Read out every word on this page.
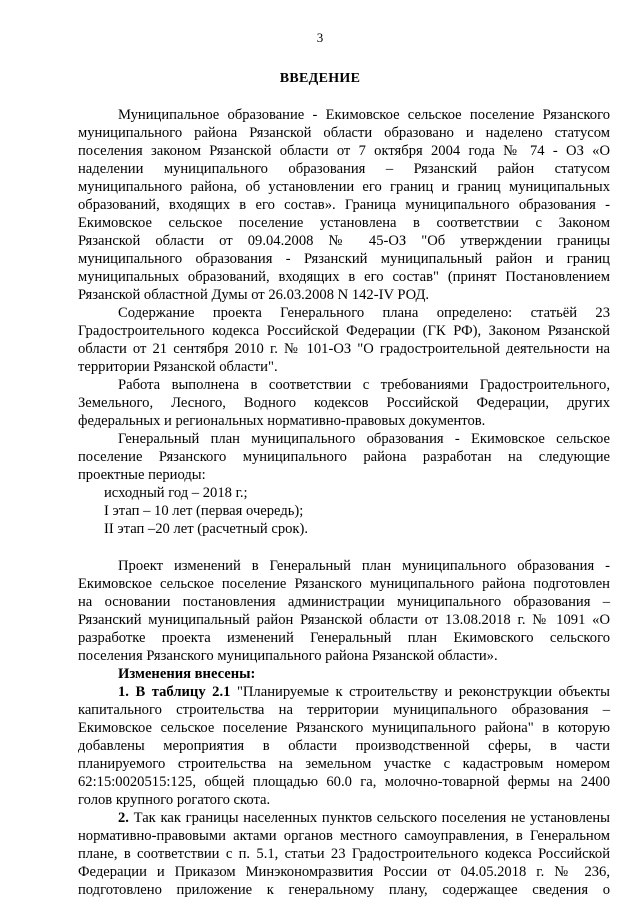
3
ВВЕДЕНИЕ
Муниципальное образование - Екимовское сельское поселение Рязанского
муниципального района Рязанской области образовано и наделено статусом
поселения законом Рязанской области от 7 октября 2004 года № 74 - ОЗ «О
наделении муниципального образования – Рязанский район статусом
муниципального района, об установлении его границ и границ муниципальных
образований, входящих в его состав». Граница муниципального образования -
Екимовское сельское поселение установлена в соответствии с Законом
Рязанской области от 09.04.2008 № 45-ОЗ "Об утверждении границы
муниципального образования - Рязанский муниципальный район и границ
муниципальных образований, входящих в его состав" (принят Постановлением
Рязанской областной Думы от 26.03.2008 N 142-IV РОД.
Содержание проекта Генерального плана определено: статьёй 23
Градостроительного кодекса Российской Федерации (ГК РФ), Законом Рязанской
области от 21 сентября 2010 г. № 101-ОЗ "О градостроительной деятельности на
территории Рязанской области".
Работа выполнена в соответствии с требованиями Градостроительного,
Земельного, Лесного, Водного кодексов Российской Федерации, других
федеральных и региональных нормативно-правовых документов.
Генеральный план муниципального образования - Екимовское сельское
поселение Рязанского муниципального района разработан на следующие
проектные периоды:
исходный год – 2018 г.;
I этап – 10 лет (первая очередь);
II этап –20 лет (расчетный срок).
Проект изменений в Генеральный план муниципального образования -
Екимовское сельское поселение Рязанского муниципального района подготовлен
на основании постановления администрации муниципального образования –
Рязанский муниципальный район Рязанской области от 13.08.2018 г. № 1091 «О
разработке проекта изменений Генеральный план Екимовского сельского
поселения Рязанского муниципального района Рязанской области».
Изменения внесены:
1. В таблицу 2.1 "Планируемые к строительству и реконструкции объекты
капитального строительства на территории муниципального образования –
Екимовское сельское поселение Рязанского муниципального района" в которую
добавлены мероприятия в области производственной сферы, в части
планируемого строительства на земельном участке с кадастровым номером
62:15:0020515:125, общей площадью 60.0 га, молочно-товарной фермы на 2400
голов крупного рогатого скота.
2. Так как границы населенных пунктов сельского поселения не установлены
нормативно-правовыми актами органов местного самоуправления, в Генеральном
плане, в соответствии с п. 5.1, статьи 23 Градостроительного кодекса Российской
Федерации и Приказом Минэкономразвития России от 04.05.2018 г. № 236,
подготовлено приложение к генеральному плану, содержащее сведения о
